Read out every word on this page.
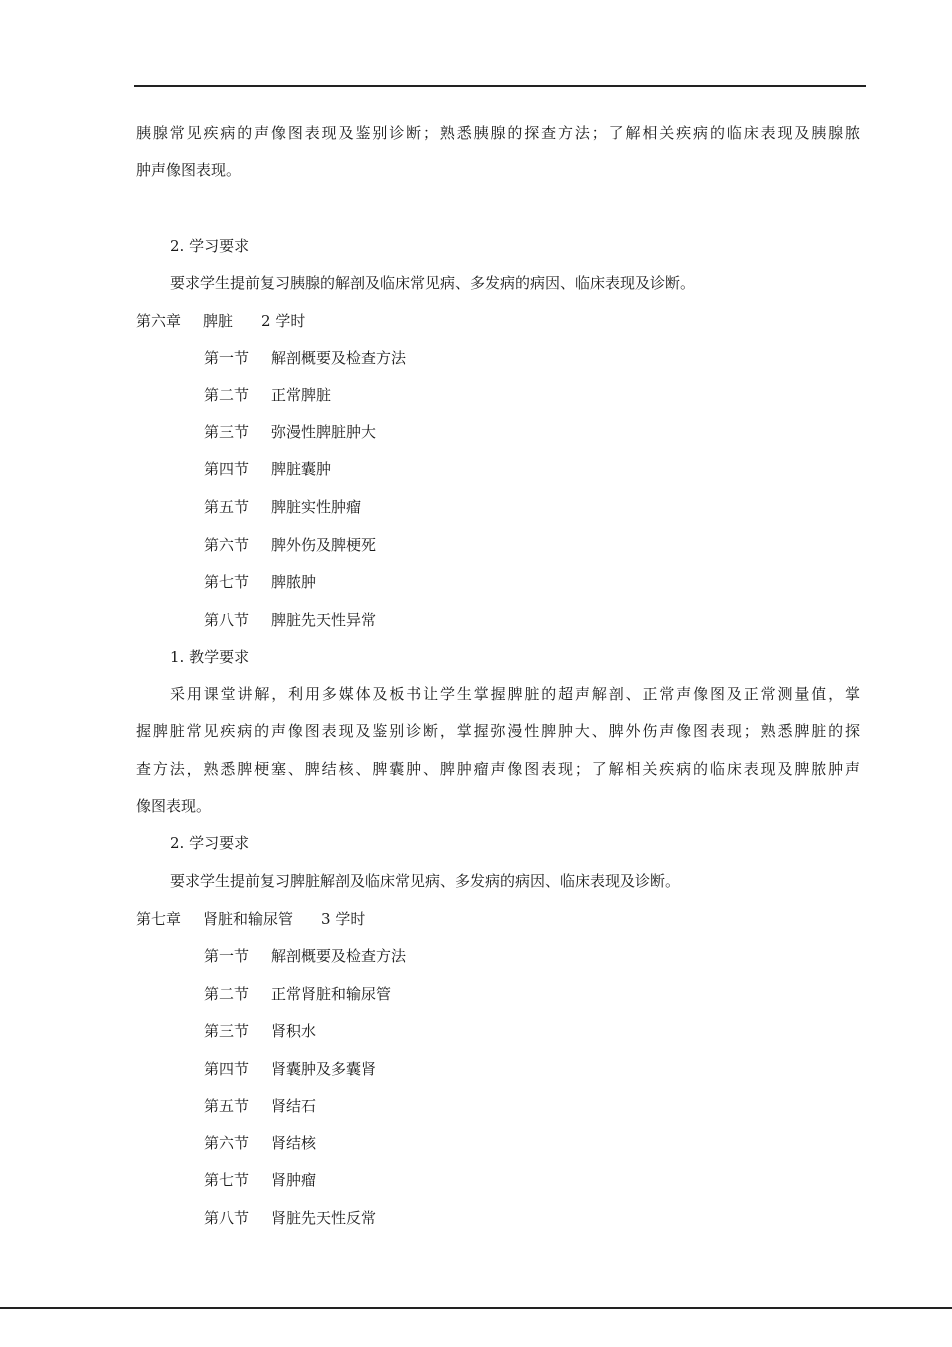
胰腺常见疾病的声像图表现及鉴别诊断；熟悉胰腺的探查方法；了解相关疾病的临床表现及胰腺脓
肿声像图表现。
2. 学习要求
要求学生提前复习胰腺的解剖及临床常见病、多发病的病因、临床表现及诊断。
第六章 脾脏 2 学时
第一节 解剖概要及检查方法
第二节 正常脾脏
第三节 弥漫性脾脏肿大
第四节 脾脏囊肿
第五节 脾脏实性肿瘤
第六节 脾外伤及脾梗死
第七节 脾脓肿
第八节 脾脏先天性异常
1. 教学要求
采用课堂讲解，利用多媒体及板书让学生掌握脾脏的超声解剖、正常声像图及正常测量值，掌
握脾脏常见疾病的声像图表现及鉴别诊断，掌握弥漫性脾肿大、脾外伤声像图表现；熟悉脾脏的探
查方法，熟悉脾梗塞、脾结核、脾囊肿、脾肿瘤声像图表现；了解相关疾病的临床表现及脾脓肿声
像图表现。
2. 学习要求
要求学生提前复习脾脏解剖及临床常见病、多发病的病因、临床表现及诊断。
第七章 肾脏和输尿管 3 学时
第一节 解剖概要及检查方法
第二节 正常肾脏和输尿管
第三节 肾积水
第四节 肾囊肿及多囊肾
第五节 肾结石
第六节 肾结核
第七节 肾肿瘤
第八节 肾脏先天性反常
